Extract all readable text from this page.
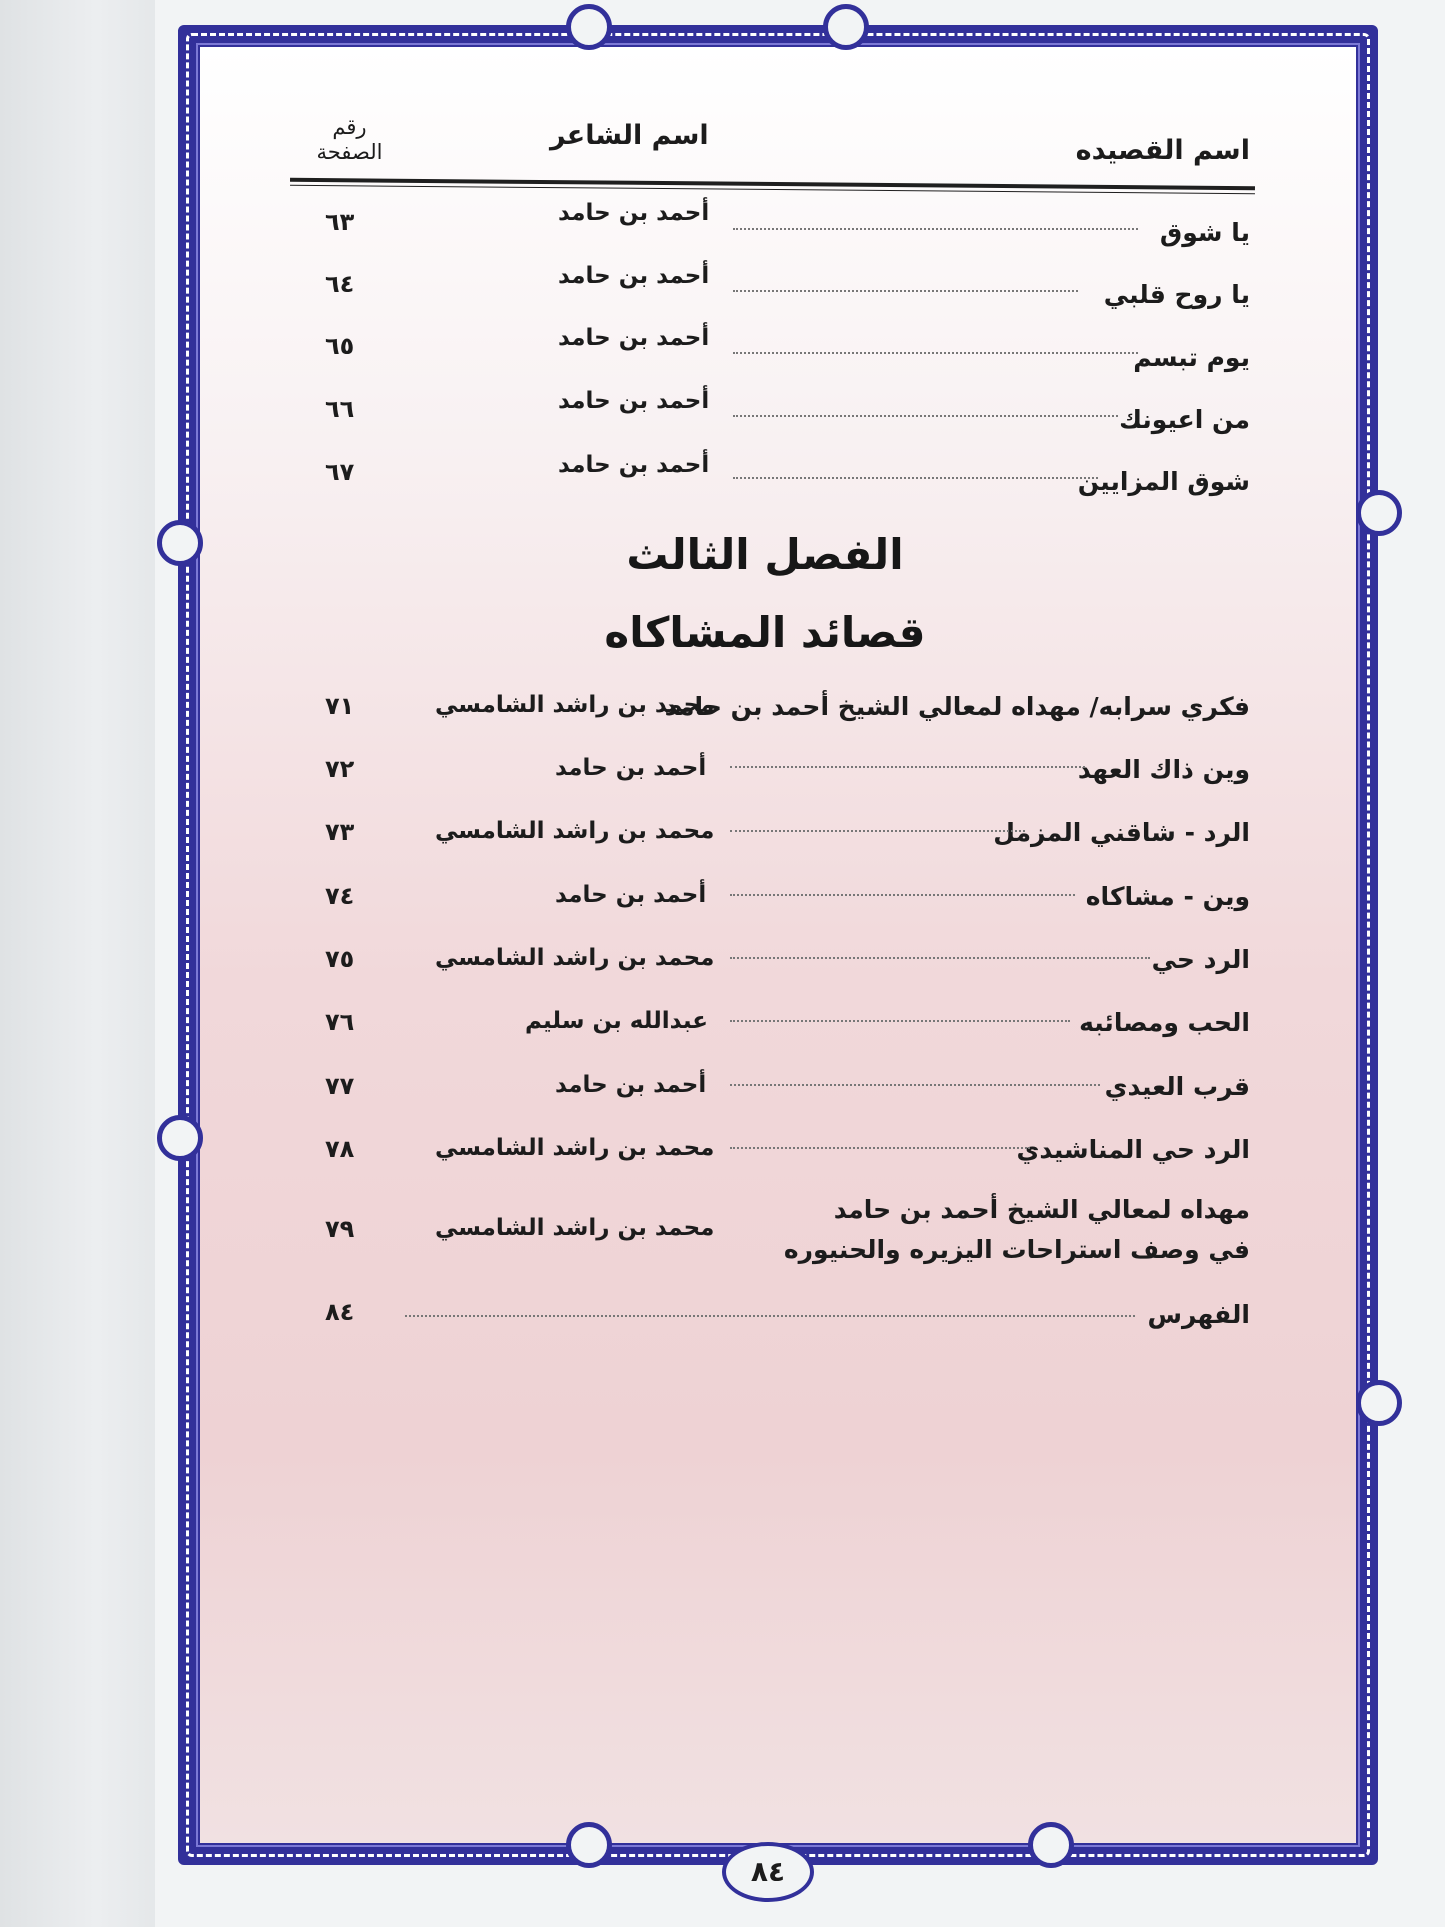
اسم القصيده
اسم الشاعر
رقم الصفحة
يا شوق
أحمد بن حامد
٦٣
يا روح قلبي
أحمد بن حامد
٦٤
يوم تبسم
أحمد بن حامد
٦٥
من اعيونك
أحمد بن حامد
٦٦
شوق المزايين
أحمد بن حامد
٦٧
الفصل الثالث
قصائد المشاكاه
فكري سرابه/ مهداه لمعالي الشيخ أحمد بن حامد
محمد بن راشد الشامسي
٧١
وين ذاك العهد
أحمد بن حامد
٧٢
الرد - شاقني المزمل
محمد بن راشد الشامسي
٧٣
وين - مشاكاه
أحمد بن حامد
٧٤
الرد حي
محمد بن راشد الشامسي
٧٥
الحب ومصائبه
عبدالله بن سليم
٧٦
قرب العيدي
أحمد بن حامد
٧٧
الرد حي المناشيدي
محمد بن راشد الشامسي
٧٨
مهداه لمعالي الشيخ أحمد بن حامد
في وصف استراحات اليزيره والحنيوره
محمد بن راشد الشامسي
٧٩
الفهرس
٨٤
٨٤
